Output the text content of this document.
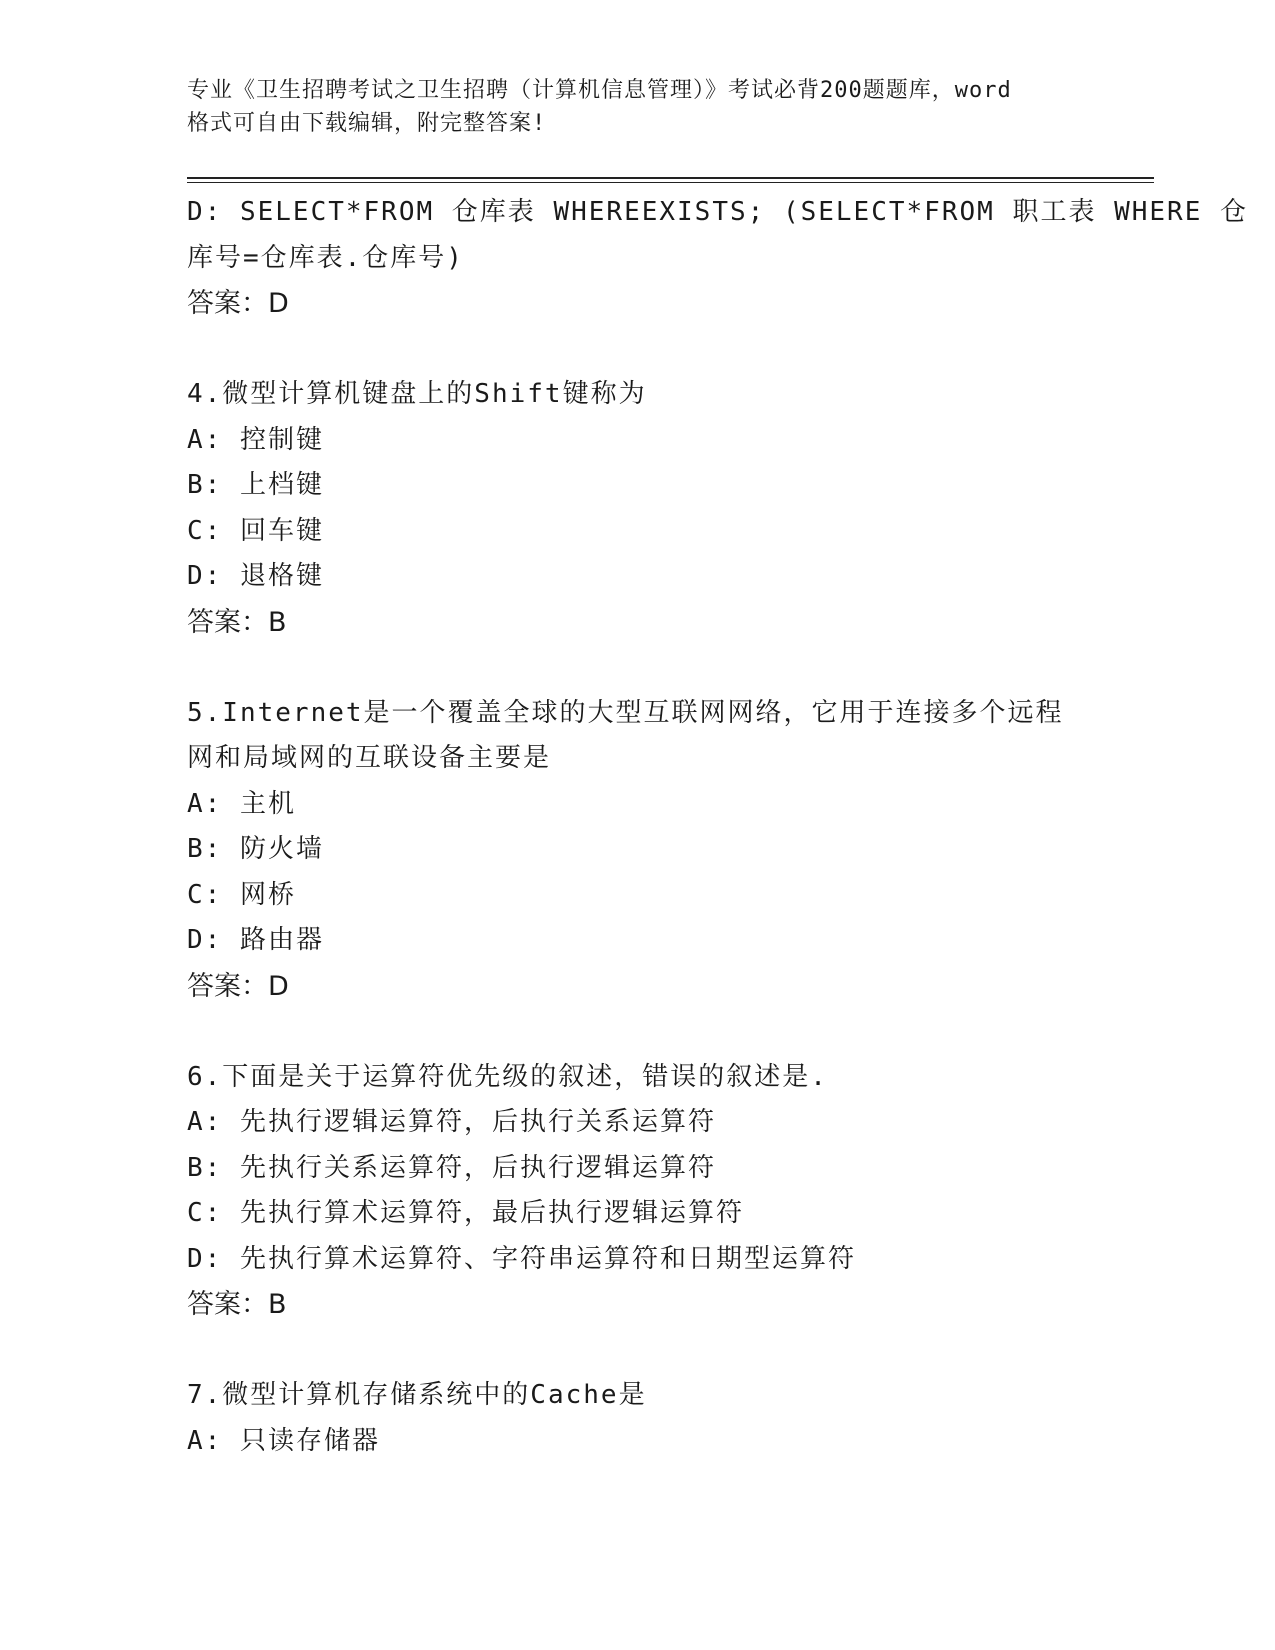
专业《卫生招聘考试之卫生招聘（计算机信息管理）》考试必背200题题库，word
格式可自由下载编辑，附完整答案!
D: SELECT*FROM 仓库表 WHEREEXISTS; (SELECT*FROM 职工表 WHERE 仓
库号=仓库表.仓库号)
答案：D
4.微型计算机键盘上的Shift键称为
A: 控制键
B: 上档键
C: 回车键
D: 退格键
答案：B
5.Internet是一个覆盖全球的大型互联网网络，它用于连接多个远程
网和局域网的互联设备主要是
A: 主机
B: 防火墙
C: 网桥
D: 路由器
答案：D
6.下面是关于运算符优先级的叙述，错误的叙述是.
A: 先执行逻辑运算符，后执行关系运算符
B: 先执行关系运算符，后执行逻辑运算符
C: 先执行算术运算符，最后执行逻辑运算符
D: 先执行算术运算符、字符串运算符和日期型运算符
答案：B
7.微型计算机存储系统中的Cache是
A: 只读存储器
